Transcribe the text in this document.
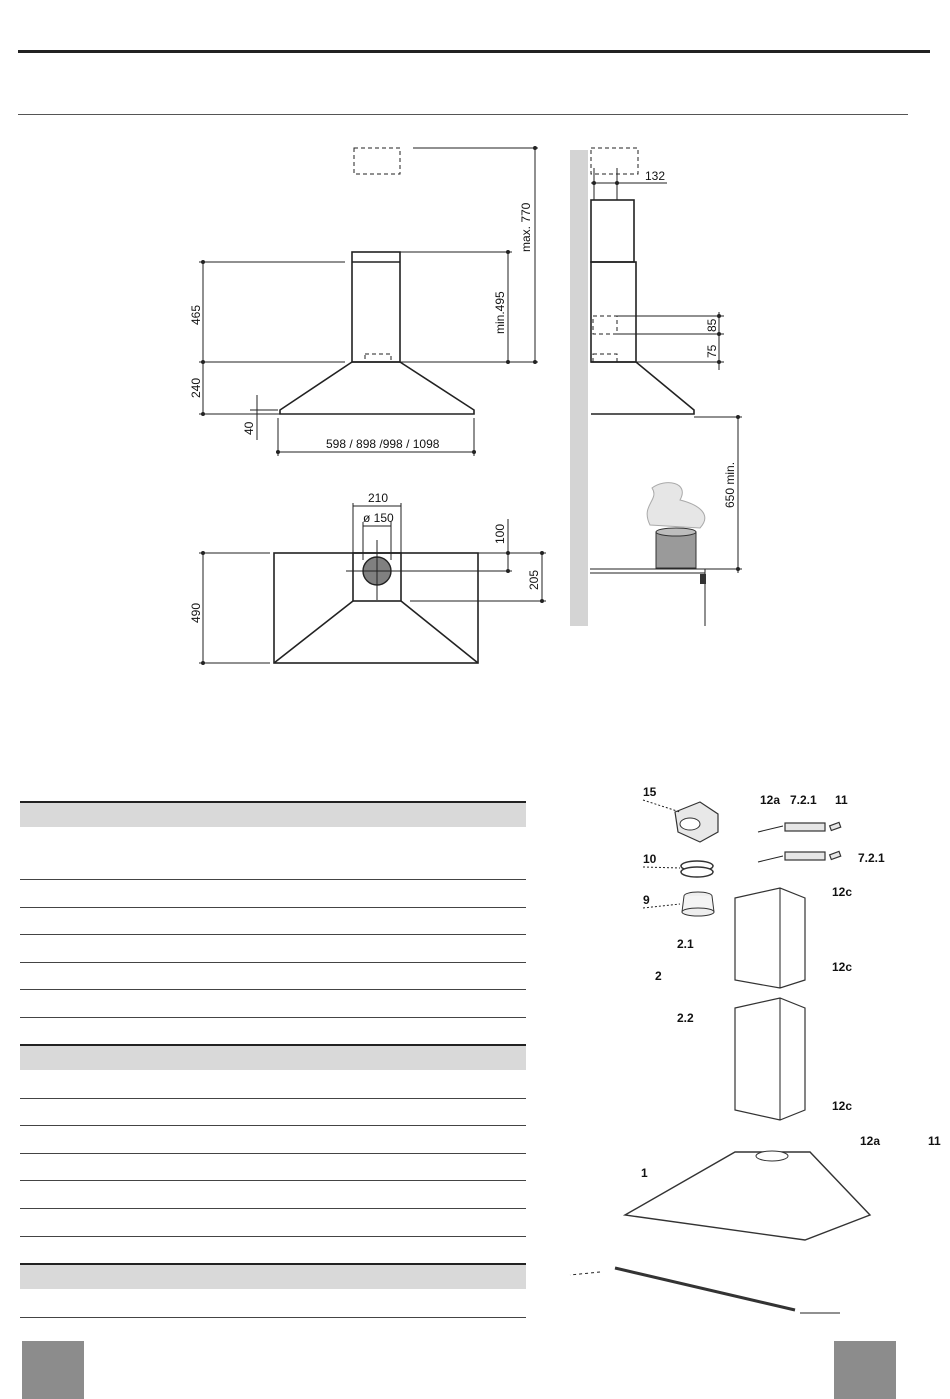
max. 770
min.495
465
240
40
598 / 898 /998 / 1098
210
ø 150
100
205
490
132
85
75
650 min.
15
10
9
12a 7.2.1 11
7.2.1
12c
2.1
2
12c
2.2
12c
1
12a	11
